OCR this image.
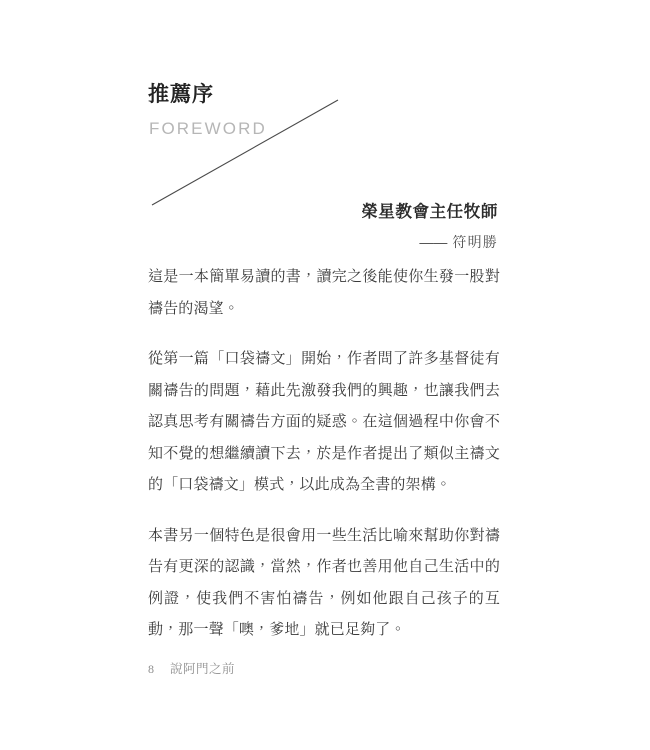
推薦序
FOREWORD
榮星教會主任牧師
—— 符明勝

這是一本簡單易讀的書，讀完之後能使你生發一股對禱告的渴望。

從第一篇「口袋禱文」開始，作者問了許多基督徒有關禱告的問題，藉此先激發我們的興趣，也讓我們去認真思考有關禱告方面的疑惑。在這個過程中你會不知不覺的想繼續讀下去，於是作者提出了類似主禱文的「口袋禱文」模式，以此成為全書的架構。

本書另一個特色是很會用一些生活比喻來幫助你對禱告有更深的認識，當然，作者也善用他自己生活中的例證，使我們不害怕禱告，例如他跟自己孩子的互動，那一聲「噢，爹地」就已足夠了。

8 說阿門之前
